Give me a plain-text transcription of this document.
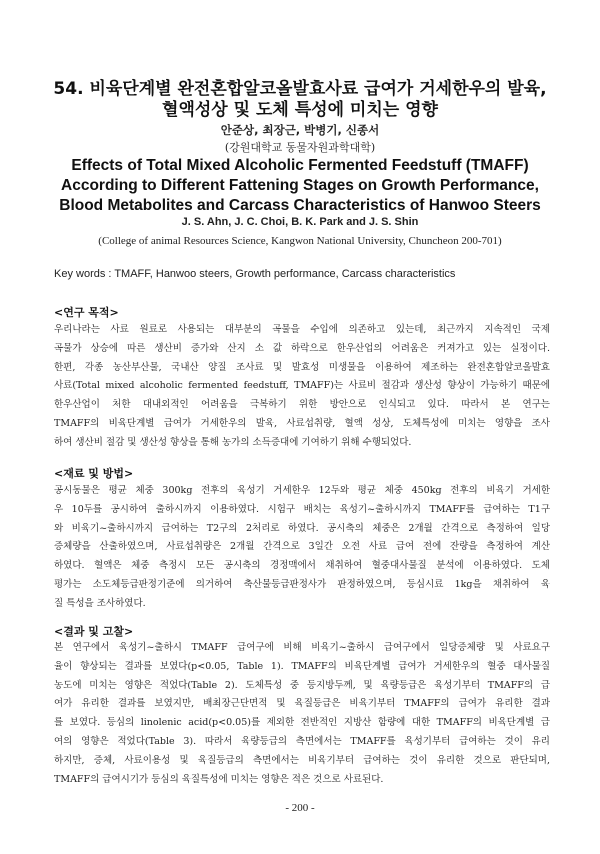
54. 비육단계별 완전혼합알코올발효사료 급여가 거세한우의 발육,
혈액성상 및 도체 특성에 미치는 영향
안준상, 최장근, 박병기, 신종서
(강원대학교 동물자원과학대학)
Effects of Total Mixed Alcoholic Fermented Feedstuff (TMAFF)
According to Different Fattening Stages on Growth Performance,
Blood Metabolites and Carcass Characteristics of Hanwoo Steers
J. S. Ahn, J. C. Choi, B. K. Park and J. S. Shin
(College of animal Resources Science, Kangwon National University, Chuncheon 200-701)
Key words : TMAFF, Hanwoo steers, Growth performance, Carcass characteristics
<연구 목적>
우리나라는 사료 원료로 사용되는 대부분의 곡물을 수입에 의존하고 있는데, 최근까지 지속적인 국제
곡물가 상승에 따른 생산비 증가와 산지 소 값 하락으로 한우산업의 어려움은 커져가고 있는 실정이다.
한편, 각종 농산부산물, 국내산 양질 조사료 및 발효성 미생물을 이용하여 제조하는 완전혼합알코올발효
사료(Total mixed alcoholic fermented feedstuff, TMAFF)는 사료비 절감과 생산성 향상이 가능하기 때문에
한우산업이 처한 대내외적인 어려움을 극복하기 위한 방안으로 인식되고 있다. 따라서 본 연구는
TMAFF의 비육단계별 급여가 거세한우의 발육, 사료섭취량, 혈액 성상, 도체특성에 미치는 영향을 조사
하여 생산비 절감 및 생산성 향상을 통해 농가의 소득증대에 기여하기 위해 수행되었다.
<재료 및 방법>
공시동물은 평균 체중 300kg 전후의 육성기 거세한우 12두와 평균 체중 450kg 전후의 비육기 거세한
우 10두를 공시하여 출하시까지 이용하였다. 시험구 배치는 육성기~출하시까지 TMAFF를 급여하는 T1구
와 비육기~출하시까지 급여하는 T2구의 2처리로 하였다. 공시축의 체중은 2개월 간격으로 측정하여 일당
증체량을 산출하였으며, 사료섭취량은 2개월 간격으로 3일간 오전 사료 급여 전에 잔량을 측정하여 계산
하였다. 혈액은 체중 측정시 모든 공시축의 경정맥에서 채취하여 혈중대사물질 분석에 이용하였다. 도체
평가는 소도체등급판정기준에 의거하여 축산물등급판정사가 판정하였으며, 등심시료 1kg을 채취하여 육
질 특성을 조사하였다.
<결과 및 고찰>
본 연구에서 육성기~출하시 TMAFF 급여구에 비해 비육기~출하시 급여구에서 일당증체량 및 사료요구
율이 향상되는 결과를 보였다(p<0.05, Table 1). TMAFF의 비육단계별 급여가 거세한우의 혈중 대사물질
농도에 미치는 영향은 적었다(Table 2). 도체특성 중 등지방두께, 및 육량등급은 육성기부터 TMAFF의 급
여가 유리한 결과를 보였지만, 배최장근단면적 및 육질등급은 비육기부터 TMAFF의 급여가 유리한 결과
를 보였다. 등심의 linolenic acid(p<0.05)를 제외한 전반적인 지방산 함량에 대한 TMAFF의 비육단계별 급
여의 영향은 적었다(Table 3). 따라서 육량등급의 측면에서는 TMAFF를 육성기부터 급여하는 것이 유리
하지만, 증체, 사료이용성 및 육질등급의 측면에서는 비육기부터 급여하는 것이 유리한 것으로 판단되며,
TMAFF의 급여시기가 등심의 육질특성에 미치는 영향은 적은 것으로 사료된다.
- 200 -
